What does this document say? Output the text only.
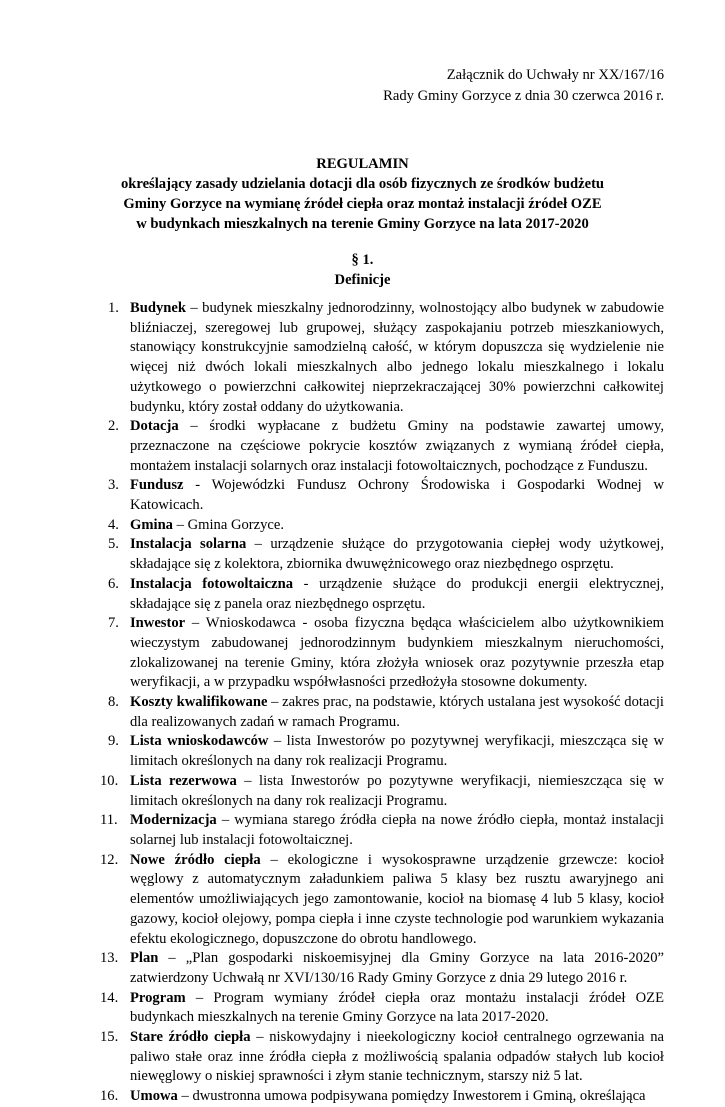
Załącznik do Uchwały nr XX/167/16
Rady Gminy Gorzyce z dnia 30 czerwca 2016 r.
REGULAMIN
określający zasady udzielania dotacji dla osób fizycznych ze środków budżetu
Gminy Gorzyce na wymianę źródeł ciepła oraz montaż instalacji źródeł OZE
w budynkach mieszkalnych na terenie Gminy Gorzyce na lata 2017-2020
§ 1.
Definicje
1. Budynek – budynek mieszkalny jednorodzinny, wolnostojący albo budynek w zabudowie bliźniaczej, szeregowej lub grupowej, służący zaspokajaniu potrzeb mieszkaniowych, stanowiący konstrukcyjnie samodzielną całość, w którym dopuszcza się wydzielenie nie więcej niż dwóch lokali mieszkalnych albo jednego lokalu mieszkalnego i lokalu użytkowego o powierzchni całkowitej nieprzekraczającej 30% powierzchni całkowitej budynku, który został oddany do użytkowania.
2. Dotacja – środki wypłacane z budżetu Gminy na podstawie zawartej umowy, przeznaczone na częściowe pokrycie kosztów związanych z wymianą źródeł ciepła, montażem instalacji solarnych oraz instalacji fotowoltaicznych, pochodzące z Funduszu.
3. Fundusz - Wojewódzki Fundusz Ochrony Środowiska i Gospodarki Wodnej w Katowicach.
4. Gmina – Gmina Gorzyce.
5. Instalacja solarna – urządzenie służące do przygotowania ciepłej wody użytkowej, składające się z kolektora, zbiornika dwuwężnicowego oraz niezbędnego osprzętu.
6. Instalacja fotowoltaiczna - urządzenie służące do produkcji energii elektrycznej, składające się z panela oraz niezbędnego osprzętu.
7. Inwestor – Wnioskodawca - osoba fizyczna będąca właścicielem albo użytkownikiem wieczystym zabudowanej jednorodzinnym budynkiem mieszkalnym nieruchomości, zlokalizowanej na terenie Gminy, która złożyła wniosek oraz pozytywnie przeszła etap weryfikacji, a w przypadku współwłasności przedłożyła stosowne dokumenty.
8. Koszty kwalifikowane – zakres prac, na podstawie, których ustalana jest wysokość dotacji dla realizowanych zadań w ramach Programu.
9. Lista wnioskodawców – lista Inwestorów po pozytywnej weryfikacji, mieszcząca się w limitach określonych na dany rok realizacji Programu.
10. Lista rezerwowa – lista Inwestorów po pozytywne weryfikacji, niemieszcząca się w limitach określonych na dany rok realizacji Programu.
11. Modernizacja – wymiana starego źródła ciepła na nowe źródło ciepła, montaż instalacji solarnej lub instalacji fotowoltaicznej.
12. Nowe źródło ciepła – ekologiczne i wysokosprawne urządzenie grzewcze: kocioł węglowy z automatycznym załadunkiem paliwa 5 klasy bez rusztu awaryjnego ani elementów umożliwiających jego zamontowanie, kocioł na biomasę 4 lub 5 klasy, kocioł gazowy, kocioł olejowy, pompa ciepła i inne czyste technologie pod warunkiem wykazania efektu ekologicznego, dopuszczone do obrotu handlowego.
13. Plan – „Plan gospodarki niskoemisyjnej dla Gminy Gorzyce na lata 2016-2020” zatwierdzony Uchwałą nr XVI/130/16 Rady Gminy Gorzyce z dnia 29 lutego 2016 r.
14. Program – Program wymiany źródeł ciepła oraz montażu instalacji źródeł OZE budynkach mieszkalnych na terenie Gminy Gorzyce na lata 2017-2020.
15. Stare źródło ciepła – niskowydajny i nieekologiczny kocioł centralnego ogrzewania na paliwo stałe oraz inne źródła ciepła z możliwością spalania odpadów stałych lub kocioł niewęglowy o niskiej sprawności i złym stanie technicznym, starszy niż 5 lat.
16. Umowa – dwustronna umowa podpisywana pomiędzy Inwestorem i Gminą, określająca
